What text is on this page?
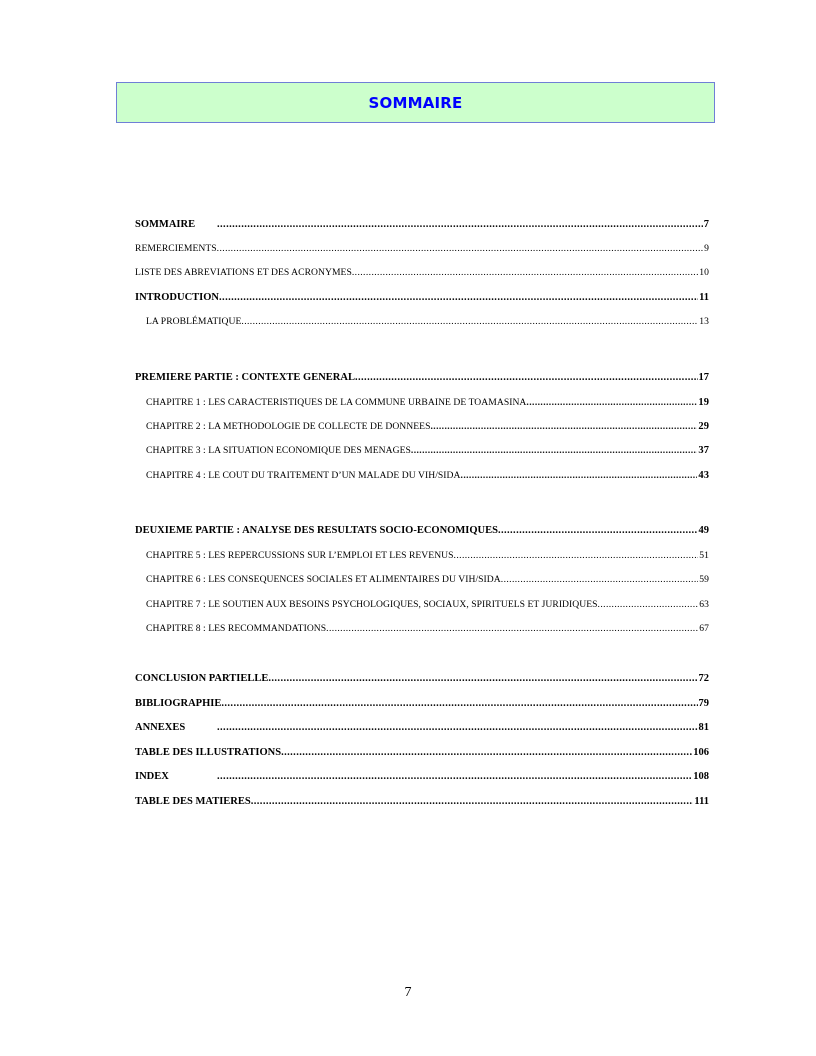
SOMMAIRE
SOMMAIRE .....	7
REMERCIEMENTS .....	9
LISTE DES ABREVIATIONS ET DES ACRONYMES .....	10
INTRODUCTION .....	11
LA PROBLÉMATIQUE .....	13
PREMIERE PARTIE : CONTEXTE GENERAL .....	17
CHAPITRE 1 : LES CARACTERISTIQUES DE LA COMMUNE URBAINE DE TOAMASINA .....	19
CHAPITRE 2 : LA METHODOLOGIE DE COLLECTE DE DONNEES .....	29
CHAPITRE 3 : LA SITUATION ECONOMIQUE DES MENAGES .....	37
CHAPITRE 4 : LE COUT DU TRAITEMENT D’UN MALADE DU VIH/SIDA .....	43
DEUXIEME PARTIE : ANALYSE DES RESULTATS SOCIO-ECONOMIQUES .....	49
CHAPITRE 5 : LES REPERCUSSIONS SUR L’EMPLOI ET LES REVENUS .....	51
CHAPITRE 6 : LES CONSEQUENCES SOCIALES ET ALIMENTAIRES DU VIH/SIDA .....	59
CHAPITRE 7 : LE SOUTIEN AUX BESOINS PSYCHOLOGIQUES, SOCIAUX, SPIRITUELS ET JURIDIQUES .....	63
CHAPITRE 8 : LES RECOMMANDATIONS .....	67
CONCLUSION PARTIELLE .....	72
BIBLIOGRAPHIE .....	79
ANNEXES .....	81
TABLE DES ILLUSTRATIONS .....	106
INDEX .....	108
TABLE DES MATIERES .....	111
7
